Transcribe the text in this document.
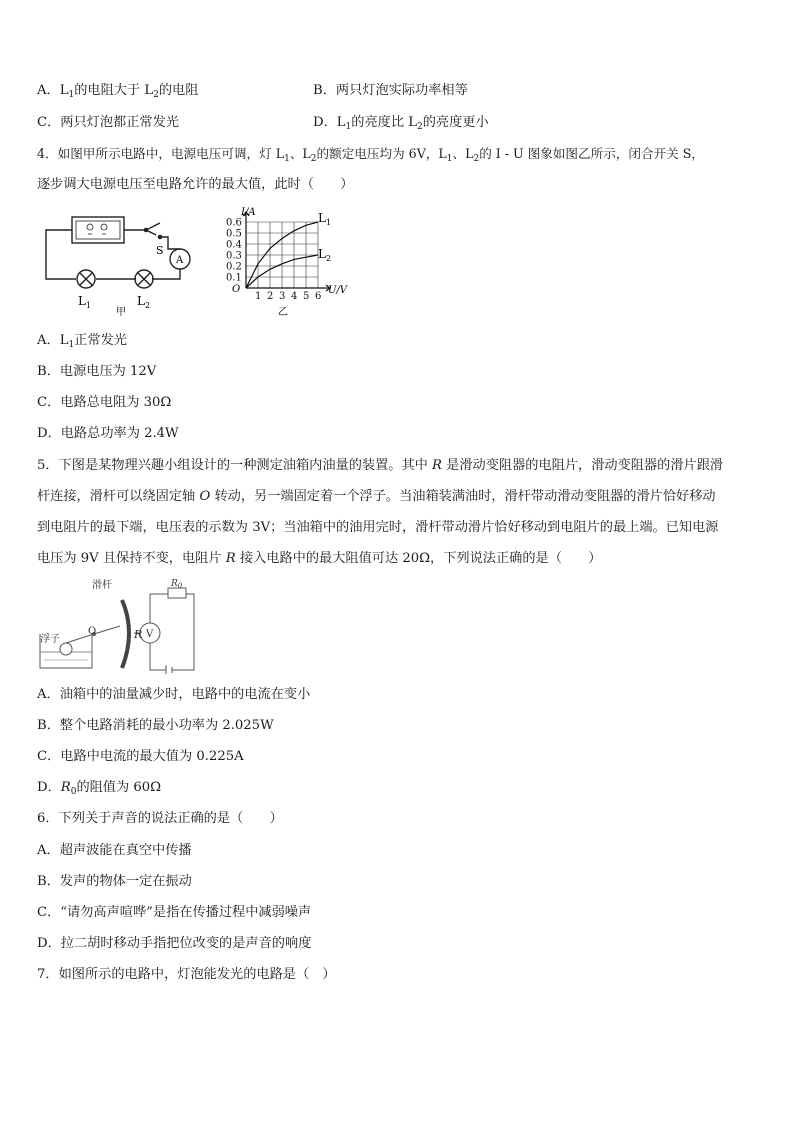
A．$L_1$的电阻大于 $L_2$的电阻	B．两只灯泡实际功率相等
C．两只灯泡都正常发光	D．$L_1$的亮度比 $L_2$的亮度更小
4．如图甲所示电路中，电源电压可调，灯 $L_1$、$L_2$的额定电压均为 6V，$L_1$、$L_2$的 I - U 图象如图乙所示，闭合开关 S，
逐步调大电源电压至电路允许的最大值，此时（　　）
S
A
$L_1$	$L_2$
甲
0.6
0.5
0.4
0.3
0.2
0.1
1 2 3 4 5 6
I/A
U/V
O
$L_1$
$L_2$
乙
A．$L_1$正常发光
B．电源电压为 12V
C．电路总电阻为 30Ω
D．电路总功率为 2.4W
5．下图是某物理兴趣小组设计的一种测定油箱内油量的装置。其中 R 是滑动变阻器的电阻片，滑动变阻器的滑片跟滑
杆连接，滑杆可以绕固定轴 O 转动，另一端固定着一个浮子。当油箱装满油时，滑杆带动滑动变阻器的滑片恰好移动
到电阻片的最下端，电压表的示数为 3V；当油箱中的油用完时，滑杆带动滑片恰好移动到电阻片的最上端。已知电源
电压为 9V 且保持不变，电阻片 R 接入电路中的最大阻值可达 20Ω，下列说法正确的是（　　）
浮子
滑杆
O	R V
$R_0$
A．油箱中的油量减少时，电路中的电流在变小
B．整个电路消耗的最小功率为 2.025W
C．电路中电流的最大值为 0.225A
D．$R_0$的阻值为 60Ω
6．下列关于声音的说法正确的是（　　）
A．超声波能在真空中传播
B．发声的物体一定在振动
C．“请勿高声喧哗”是指在传播过程中减弱噪声
D．拉二胡时移动手指把位改变的是声音的响度
7．如图所示的电路中，灯泡能发光的电路是（　）
